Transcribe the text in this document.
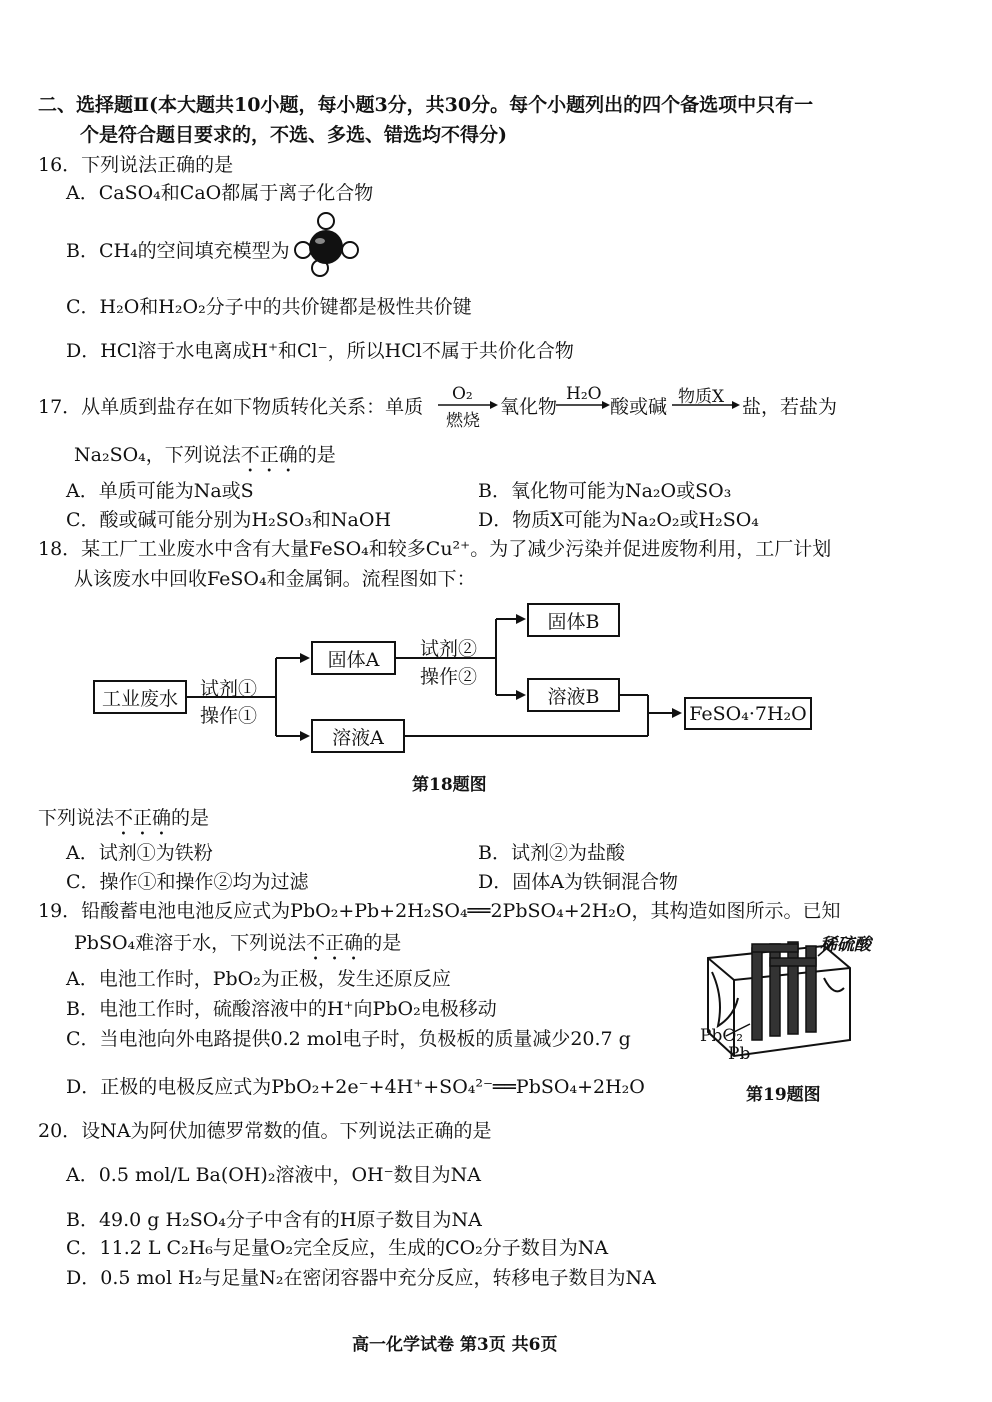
二、选择题Ⅱ(本大题共10小题，每小题3分，共30分。每个小题列出的四个备选项中只有一
个是符合题目要求的，不选、多选、错选均不得分)
16．下列说法正确的是
A．CaSO₄和CaO都属于离子化合物
B．CH₄的空间填充模型为
C．H₂O和H₂O₂分子中的共价键都是极性共价键
D．HCl溶于水电离成H⁺和Cl⁻，所以HCl不属于共价化合物
17．从单质到盐存在如下物质转化关系：单质
O₂
燃烧
氧化物
H₂O
酸或碱 物质X 盐，若盐为
Na₂SO₄，下列说法不正确的是
A．单质可能为Na或S	B．氧化物可能为Na₂O或SO₃
C．酸或碱可能分别为H₂SO₃和NaOH	D．物质X可能为Na₂O₂或H₂SO₄
18．某工厂工业废水中含有大量FeSO₄和较多Cu²⁺。为了减少污染并促进废物利用，工厂计划
从该废水中回收FeSO₄和金属铜。流程图如下：
工业废水	试剂①
操作①
固体A
溶液A
试剂②
操作②
固体B
溶液B
FeSO₄·7H₂O
第18题图
下列说法不正确的是
A．试剂①为铁粉	B．试剂②为盐酸
C．操作①和操作②均为过滤	D．固体A为铁铜混合物
19．铅酸蓄电池电池反应式为PbO₂+Pb+2H₂SO₄══2PbSO₄+2H₂O，其构造如图所示。已知
PbSO₄难溶于水，下列说法不正确的是
A．电池工作时，PbO₂为正极，发生还原反应
B．电池工作时，硫酸溶液中的H⁺向PbO₂电极移动
C．当电池向外电路提供0.2 mol电子时，负极板的质量减少20.7 g
D．正极的电极反应式为PbO₂+2e⁻+4H⁺+SO₄²⁻══PbSO₄+2H₂O
稀硫酸
PbO₂
Pb
第19题图
20．设NA为阿伏加德罗常数的值。下列说法正确的是
A．0.5 mol/L Ba(OH)₂溶液中，OH⁻数目为NA
B．49.0 g H₂SO₄分子中含有的H原子数目为NA
C．11.2 L C₂H₆与足量O₂完全反应，生成的CO₂分子数目为NA
D．0.5 mol H₂与足量N₂在密闭容器中充分反应，转移电子数目为NA
高一化学试卷 第3页 共6页
